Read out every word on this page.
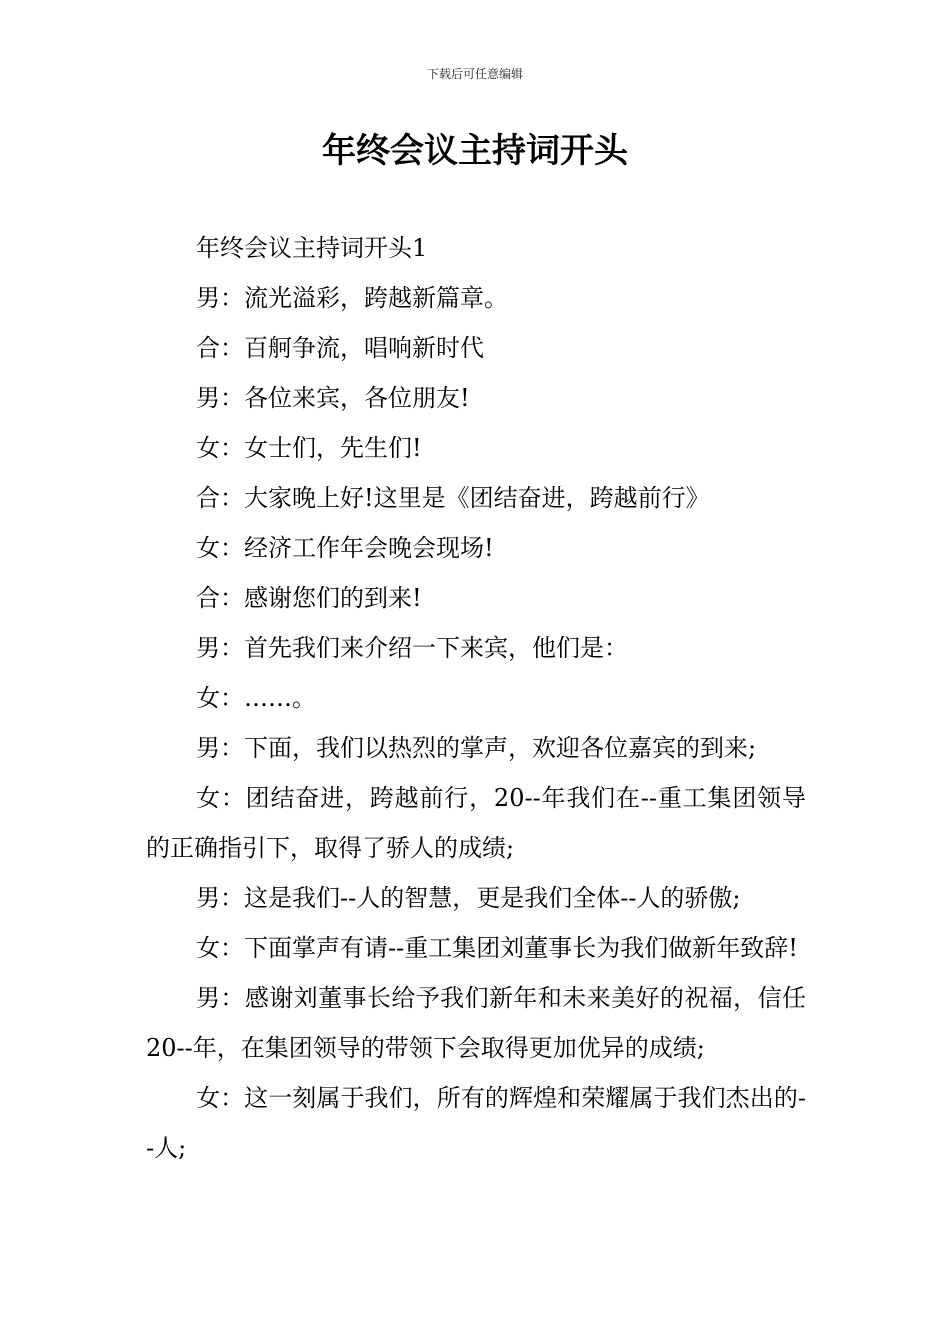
下载后可任意编辑
年终会议主持词开头

年终会议主持词开头1

男：流光溢彩，跨越新篇章。

合：百舸争流，唱响新时代

男：各位来宾，各位朋友!

女：女士们，先生们!

合：大家晚上好!这里是《团结奋进，跨越前行》

女：经济工作年会晚会现场!

合：感谢您们的到来!

男：首先我们来介绍一下来宾，他们是：

女：……。

男：下面，我们以热烈的掌声，欢迎各位嘉宾的到来;

女：团结奋进，跨越前行，20--年我们在--重工集团领导的正确指引下，取得了骄人的成绩;

男：这是我们--人的智慧，更是我们全体--人的骄傲;

女：下面掌声有请--重工集团刘董事长为我们做新年致辞!

男：感谢刘董事长给予我们新年和未来美好的祝福，信任20--年，在集团领导的带领下会取得更加优异的成绩;

女：这一刻属于我们，所有的辉煌和荣耀属于我们杰出的--人;
